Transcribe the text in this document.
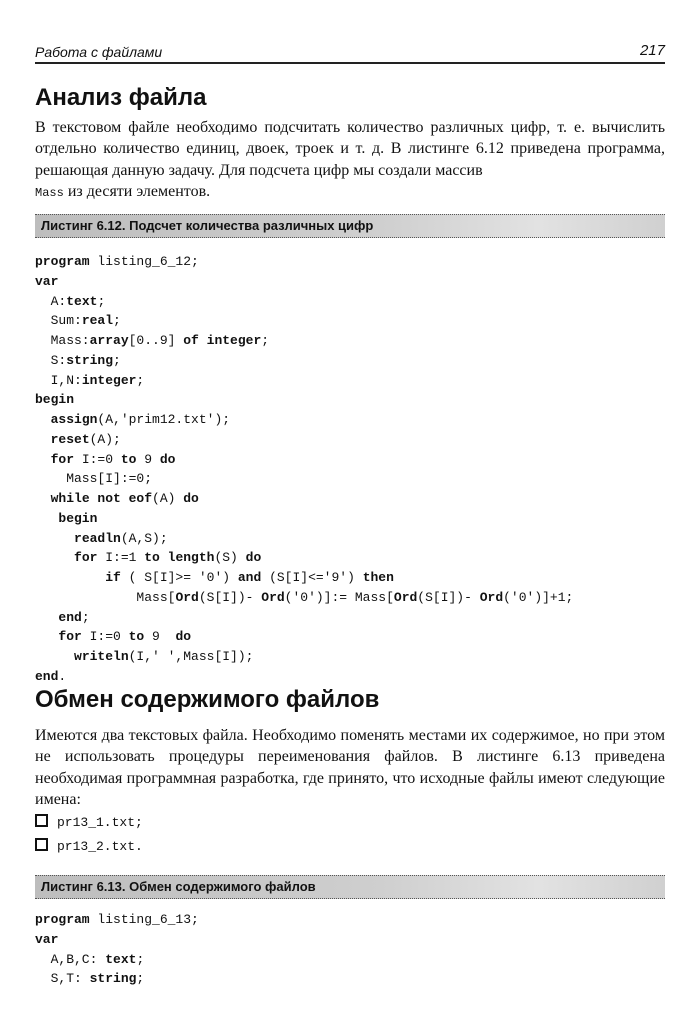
Работа с файлами	217
Анализ файла
В текстовом файле необходимо подсчитать количество различных цифр, т. е. вычислить отдельно количество единиц, двоек, троек и т. д. В листинге 6.12 приведена программа, решающая данную задачу. Для подсчета цифр мы создали массив
Mass из десяти элементов.
Листинг 6.12. Подсчет количества различных цифр
program listing_6_12;
var
A:text;
Sum:real;
Mass:array[0..9] of integer;
S:string;
I,N:integer;
begin
assign(A,'prim12.txt');
reset(A);
for I:=0 to 9 do
Mass[I]:=0;
while not eof(A) do
begin
readln(A,S);
for I:=1 to length(S) do
if ( S[I]>= '0') and (S[I]<='9') then
Mass[Ord(S[I])- Ord('0')]:= Mass[Ord(S[I])- Ord('0')]+1;
end;
for I:=0 to 9  do
writeln(I,' ',Mass[I]);
end.
Обмен содержимого файлов
Имеются два текстовых файла. Необходимо поменять местами их содержимое, но при этом не использовать процедуры переименования файлов. В листинге 6.13 приведена необходимая программная разработка, где принято, что исходные файлы имеют следующие имена:
pr13_1.txt;
pr13_2.txt.
Листинг 6.13. Обмен содержимого файлов
program listing_6_13;
var
A,B,C: text;
S,T: string;
